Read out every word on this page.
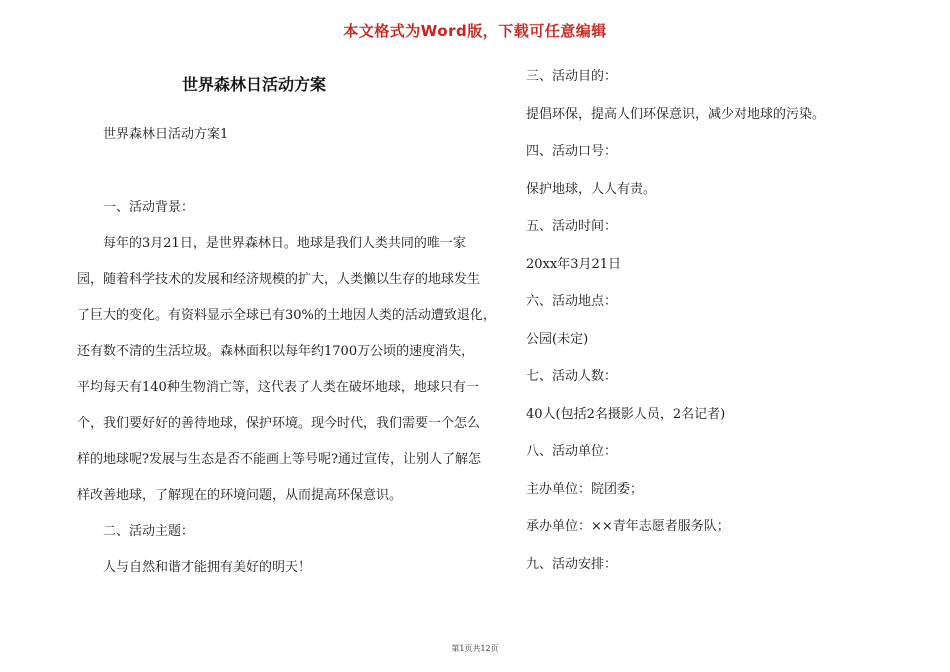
本文格式为Word版，下载可任意编辑
世界森林日活动方案
世界森林日活动方案1

一、活动背景：

每年的3月21日，是世界森林日。地球是我们人类共同的唯一家

园，随着科学技术的发展和经济规模的扩大，人类懒以生存的地球发生

了巨大的变化。有资料显示全球已有30%的土地因人类的活动遭致退化，

还有数不清的生活垃圾。森林面积以每年约1700万公顷的速度消失，

平均每天有140种生物消亡等，这代表了人类在破坏地球，地球只有一

个，我们要好好的善待地球，保护环境。现今时代，我们需要一个怎么

样的地球呢?发展与生态是否不能画上等号呢?通过宣传，让别人了解怎

样改善地球，了解现在的环境问题，从而提高环保意识。

二、活动主题：

人与自然和谐才能拥有美好的明天！

三、活动目的：

提倡环保，提高人们环保意识，减少对地球的污染。

四、活动口号：

保护地球，人人有责。

五、活动时间：

20xx年3月21日

六、活动地点：

公园(未定)

七、活动人数：

40人(包括2名摄影人员，2名记者)

八、活动单位：

主办单位：院团委；

承办单位：××青年志愿者服务队；

九、活动安排：

第1页共12页
